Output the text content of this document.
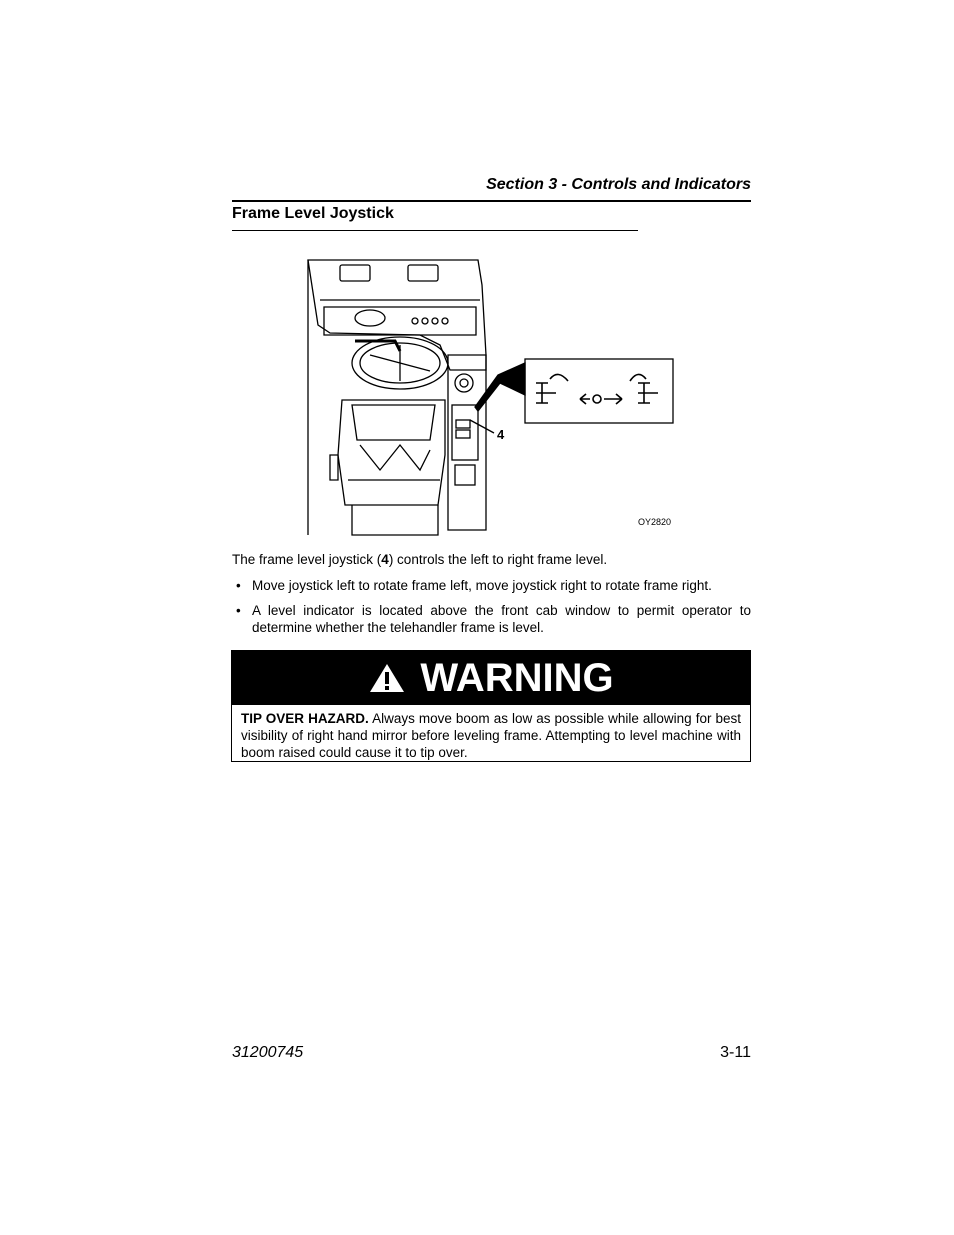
Section 3 - Controls and Indicators
Frame Level Joystick
4
OY2820
The frame level joystick (4) controls the left to right frame level.
• Move joystick left to rotate frame left, move joystick right to rotate frame right.
• A level indicator is located above the front cab window to permit operator to determine whether the telehandler frame is level.
WARNING
TIP OVER HAZARD. Always move boom as low as possible while allowing for best visibility of right hand mirror before leveling frame. Attempting to level machine with boom raised could cause it to tip over.
31200745	3-11
